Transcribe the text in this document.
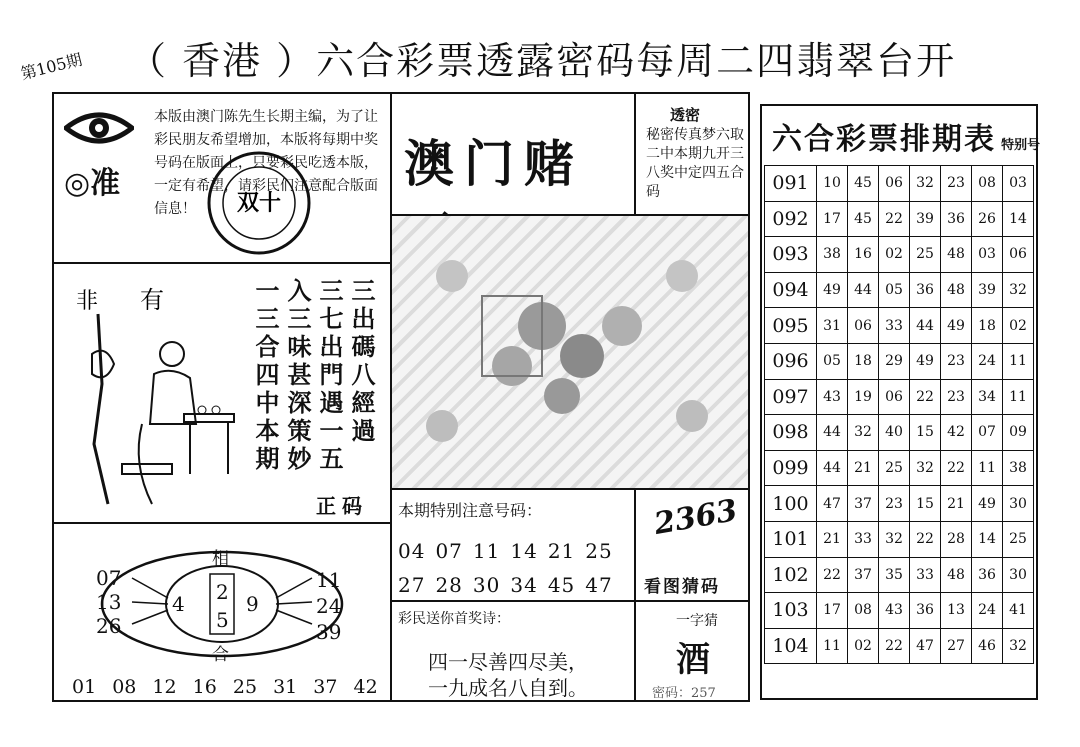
第105期 （ 香港 ）六合彩票透露密码每周二四翡翠台开
◎准
本版由澳门陈先生长期主编，为了让彩民朋友希望增加，本版将每期中奖号码在版面上，只要彩民吃透本版，一定有希望，请彩民们注意配合版面信息！	双十
非 有	一三合四中本期 入三味甚深策妙 三七出門遇一五 三出碼八經過
正码
07
13
26
11
24
39
4	9
2
5
相
合
01 08 12 16 25 31 37 42
澳门赌
透密
秘密传真梦六取二中本期九开三八奖中定四五合码
本期特别注意号码：
04 07 11 14 21 25
27 28 30 34 45 47
2363
看图猜码
彩民送你首奖诗：
四一尽善四尽美，
一九成名八自到。
一字猜
酒
密码：257
六合彩票排期表 特别号
091	10	45	06	32	23	08	03
092	17	45	22	39	36	26	14
093	38	16	02	25	48	03	06
094	49	44	05	36	48	39	32
095	31	06	33	44	49	18	02
096	05	18	29	49	23	24	11
097	43	19	06	22	23	34	11
098	44	32	40	15	42	07	09
099	44	21	25	32	22	11	38
100	47	37	23	15	21	49	30
101	21	33	32	22	28	14	25
102	22	37	35	33	48	36	30
103	17	08	43	36	13	24	41
104	11	02	22	47	27	46	32
